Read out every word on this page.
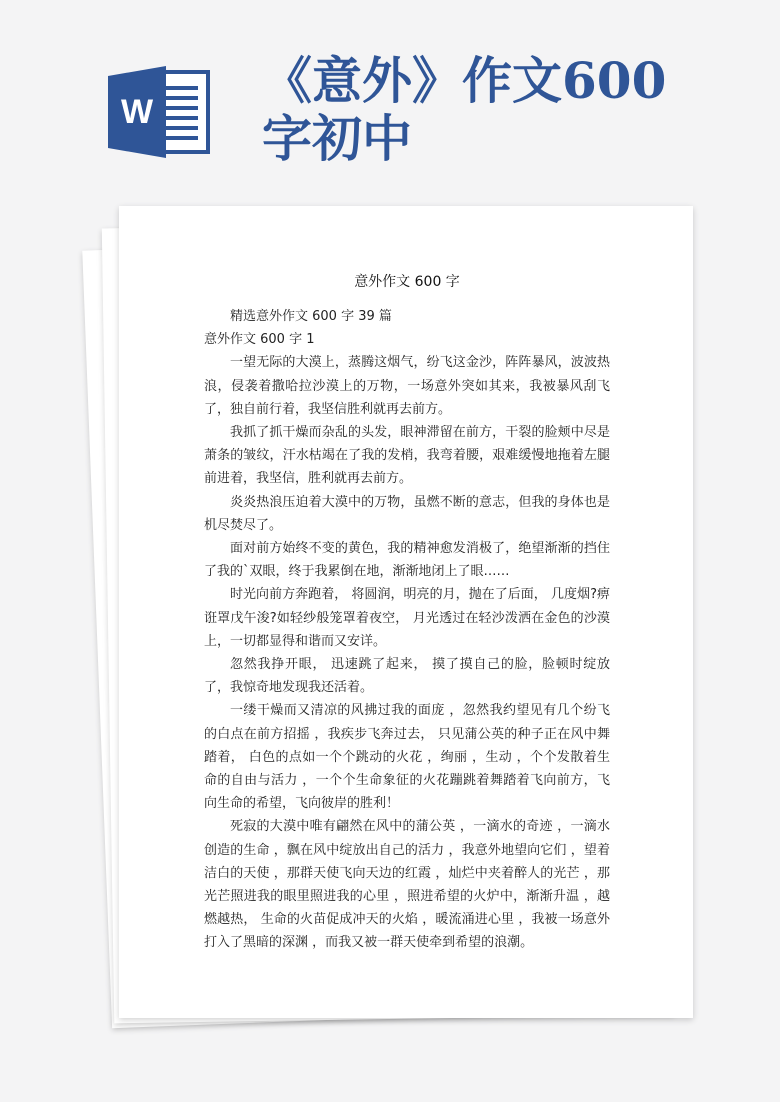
W
《意外》作文600字初中

意外作文 600 字

精选意外作文 600 字 39 篇

意外作文 600 字 1

一望无际的大漠上，蒸腾这烟气，纷飞这金沙，阵阵暴风，波波热浪，侵袭着撒哈拉沙漠上的万物，一场意外突如其来，我被暴风刮飞了，独自前行着，我坚信胜利就再去前方。

我抓了抓干燥而杂乱的头发，眼神滞留在前方，干裂的脸颊中尽是萧条的皱纹，汗水枯竭在了我的发梢，我弯着腰，艰难缓慢地拖着左腿前进着，我坚信，胜利就再去前方。

炎炎热浪压迫着大漠中的万物，虽燃不断的意志，但我的身体也是机尽焚尽了。

面对前方始终不变的黄色，我的精神愈发消极了，绝望渐渐的挡住了我的`双眼，终于我累倒在地，渐渐地闭上了眼……

时光向前方奔跑着， 将圆润，明亮的月，抛在了后面， 几度烟?痹诳罩戊午浚?如轻纱般笼罩着夜空， 月光透过在轻沙泼洒在金色的沙漠上，一切都显得和谐而又安详。

忽然我挣开眼， 迅速跳了起来， 摸了摸自己的脸，脸顿时绽放了，我惊奇地发现我还活着。

一缕干燥而又清凉的风拂过我的面庞 ，忽然我约望见有几个纷飞的白点在前方招摇 ，我疾步飞奔过去， 只见蒲公英的种子正在风中舞踏着， 白色的点如一个个跳动的火花 ，绚丽 ，生动 ，个个发散着生命的自由与活力 ，一个个生命象征的火花蹦跳着舞踏着飞向前方，飞向生命的希望，飞向彼岸的胜利！

死寂的大漠中唯有翩然在风中的蒲公英 ，一滴水的奇迹 ，一滴水创造的生命 ，飘在风中绽放出自己的活力 ，我意外地望向它们 ，望着洁白的天使 ，那群天使飞向天边的红霞 ，灿烂中夹着醉人的光芒 ，那光芒照进我的眼里照进我的心里 ，照进希望的火炉中，渐渐升温 ，越燃越热， 生命的火苗促成冲天的火焰 ，暖流涌进心里 ，我被一场意外打入了黑暗的深渊 ，而我又被一群天使牵到希望的浪潮。
